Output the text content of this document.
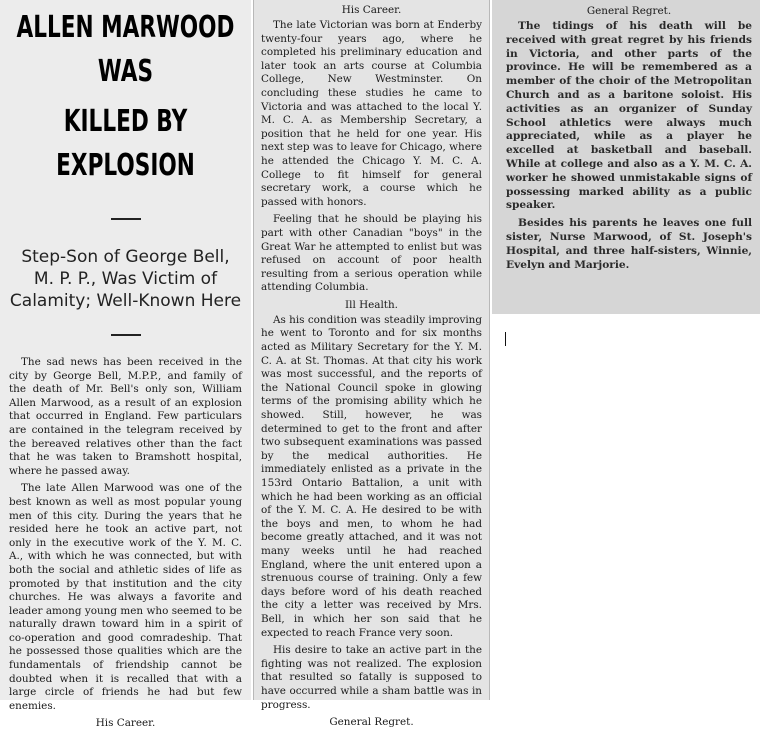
ALLEN MARWOOD WAS
KILLED BY EXPLOSION
Step-Son of George Bell, M. P. P., Was Victim of Calamity; Well-Known Here

The sad news has been received in the city by George Bell, M.P.P., and family of the death of Mr. Bell's only son, William Allen Marwood, as a result of an explosion that occurred in England. Few particulars are contained in the telegram received by the bereaved relatives other than the fact that he was taken to Bramshott hospital, where he passed away.

The late Allen Marwood was one of the best known as well as most popular young men of this city. During the years that he resided here he took an active part, not only in the executive work of the Y. M. C. A., with which he was connected, but with both the social and athletic sides of life as promoted by that institution and the city churches. He was always a favorite and leader among young men who seemed to be naturally drawn toward him in a spirit of co-operation and good comradeship. That he possessed those qualities which are the fundamentals of friendship cannot be doubted when it is recalled that with a large circle of friends he had but few enemies.

His Career.
His Career.

The late Victorian was born at Enderby twenty-four years ago, where he completed his preliminary education and later took an arts course at Columbia College, New Westminster. On concluding these studies he came to Victoria and was attached to the local Y. M. C. A. as Membership Secretary, a position that he held for one year. His next step was to leave for Chicago, where he attended the Chicago Y. M. C. A. College to fit himself for general secretary work, a course which he passed with honors.

Feeling that he should be playing his part with other Canadian "boys" in the Great War he attempted to enlist but was refused on account of poor health resulting from a serious operation while attending Columbia.

Ill Health.

As his condition was steadily improving he went to Toronto and for six months acted as Military Secretary for the Y. M. C. A. at St. Thomas. At that city his work was most successful, and the reports of the National Council spoke in glowing terms of the promising ability which he showed. Still, however, he was determined to get to the front and after two subsequent examinations was passed by the medical authorities. He immediately enlisted as a private in the 153rd Ontario Battalion, a unit with which he had been working as an official of the Y. M. C. A. He desired to be with the boys and men, to whom he had become greatly attached, and it was not many weeks until he had reached England, where the unit entered upon a strenuous course of training. Only a few days before word of his death reached the city a letter was received by Mrs. Bell, in which her son said that he expected to reach France very soon.

His desire to take an active part in the fighting was not realized. The explosion that resulted so fatally is supposed to have occurred while a sham battle was in progress.

General Regret.
General Regret.

The tidings of his death will be received with great regret by his friends in Victoria, and other parts of the province. He will be remembered as a member of the choir of the Metropolitan Church and as a baritone soloist. His activities as an organizer of Sunday School athletics were always much appreciated, while as a player he excelled at basketball and baseball. While at college and also as a Y. M. C. A. worker he showed unmistakable signs of possessing marked ability as a public speaker.

Besides his parents he leaves one full sister, Nurse Marwood, of St. Joseph's Hospital, and three half-sisters, Winnie, Evelyn and Marjorie.
